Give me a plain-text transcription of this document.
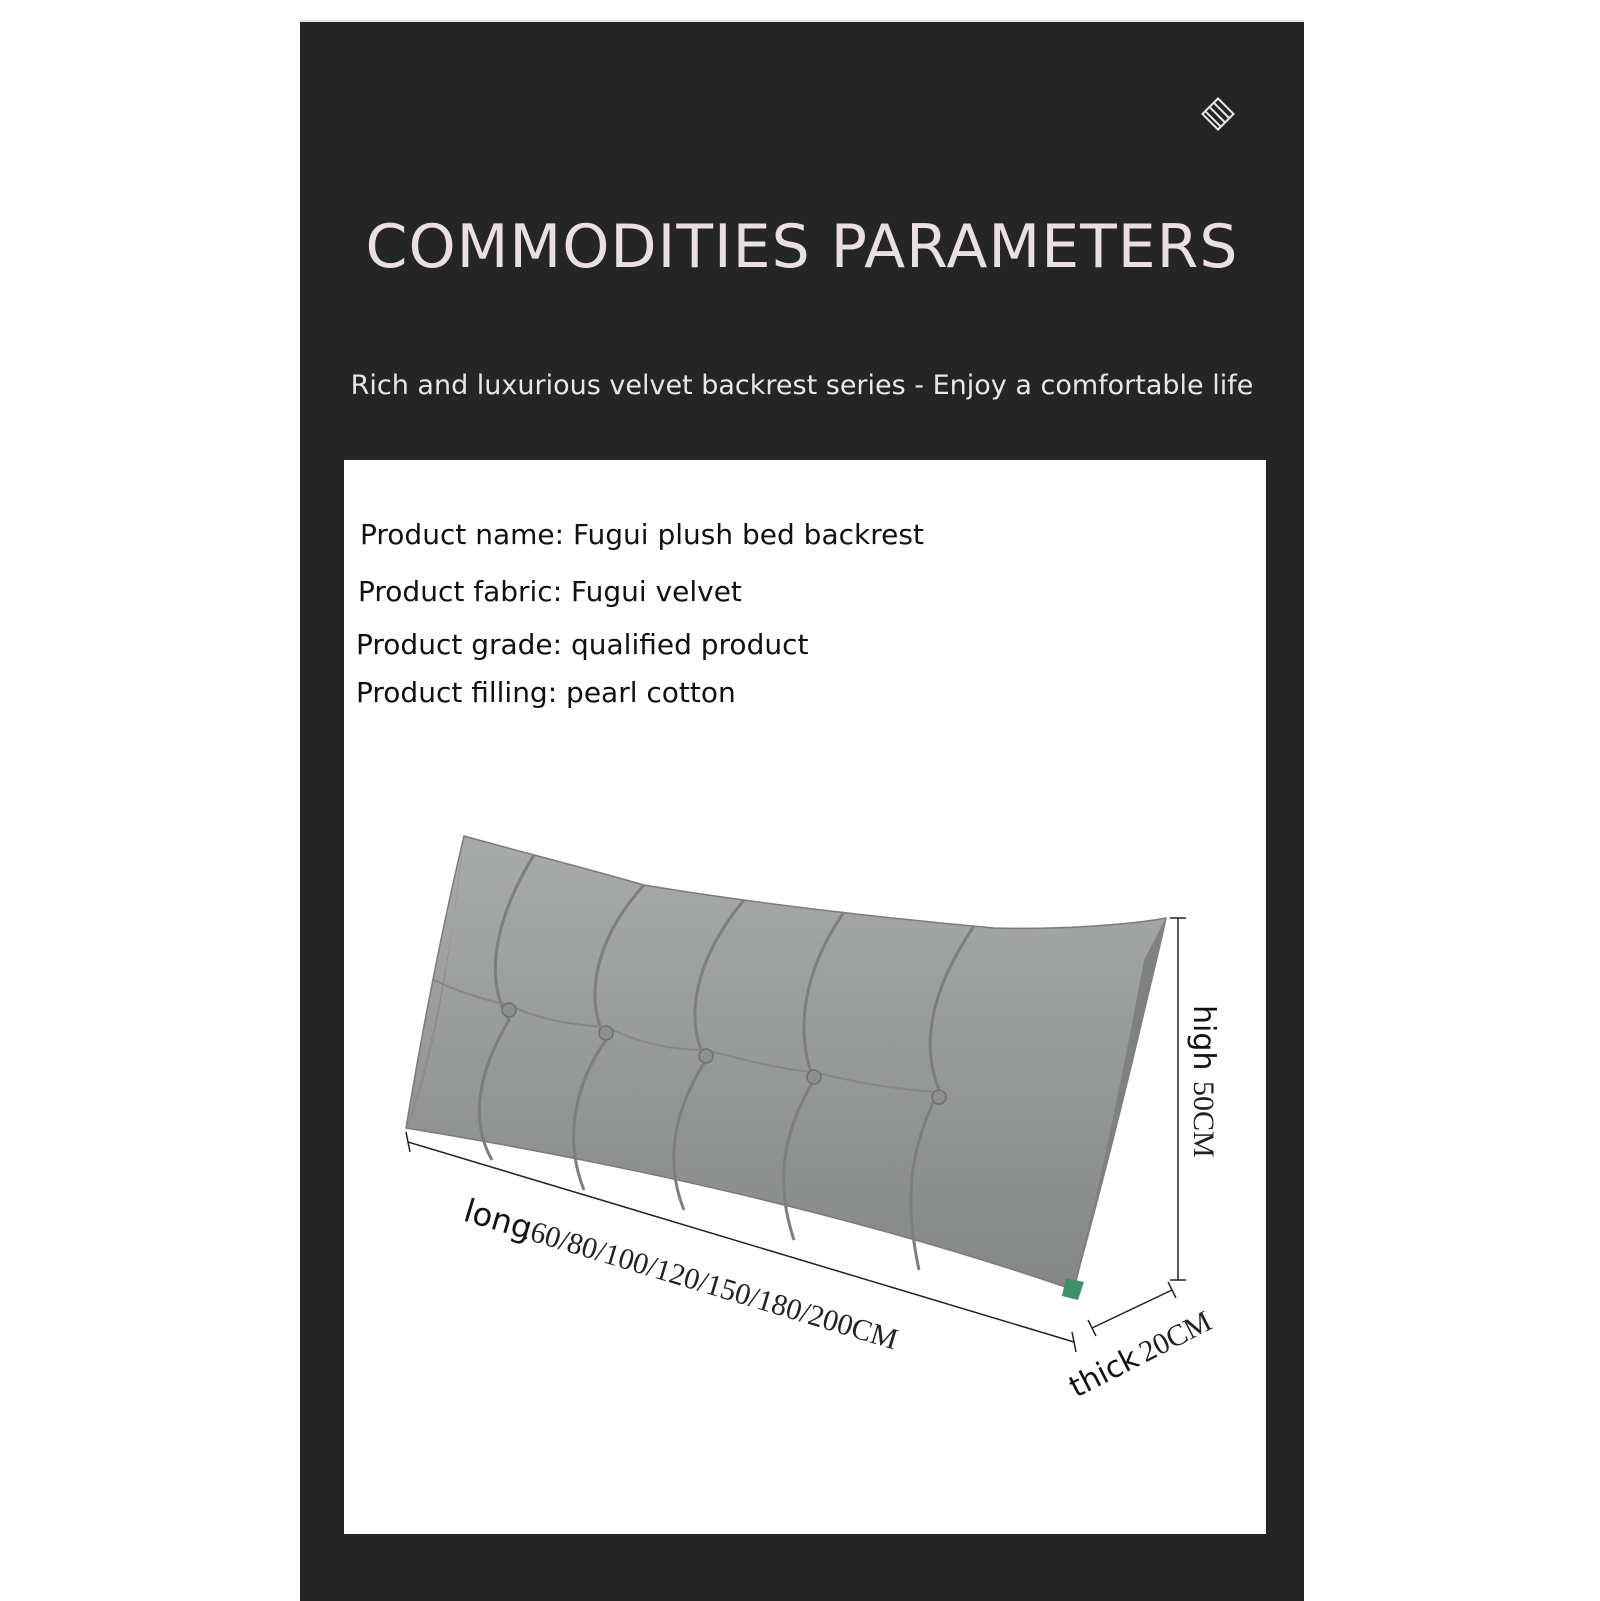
COMMODITIES PARAMETERS
Rich and luxurious velvet backrest series - Enjoy a comfortable life
Product name: Fugui plush bed backrest
Product fabric: Fugui velvet
Product grade: qualified product
Product filling: pearl cotton
long
.60/80/100/120/150/180/200CM
high
50CM
thick
20CM
